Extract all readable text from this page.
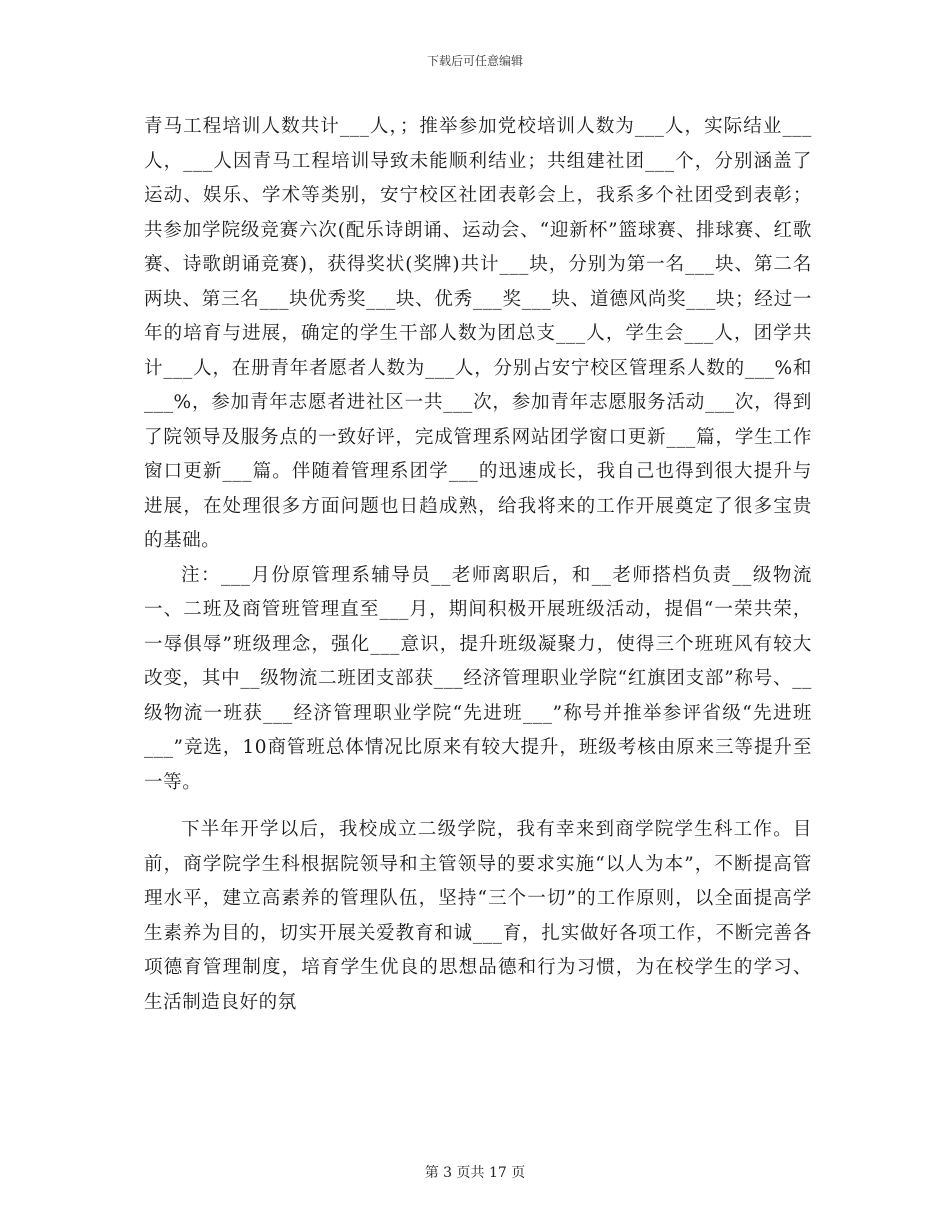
下载后可任意编辑

青马工程培训人数共计___人，；推举参加党校培训人数为___人，实际结业___人，___人因青马工程培训导致未能顺利结业；共组建社团___个，分别涵盖了运动、娱乐、学术等类别，安宁校区社团表彰会上，我系多个社团受到表彰；共参加学院级竞赛六次(配乐诗朗诵、运动会、“迎新杯”篮球赛、排球赛、红歌赛、诗歌朗诵竞赛)，获得奖状(奖牌)共计___块，分别为第一名___块、第二名两块、第三名___块优秀奖___块、优秀___奖___块、道德风尚奖___块；经过一年的培育与进展，确定的学生干部人数为团总支___人，学生会___人，团学共计___人，在册青年者愿者人数为___人，分别占安宁校区管理系人数的___%和___%，参加青年志愿者进社区一共___次，参加青年志愿服务活动___次，得到了院领导及服务点的一致好评，完成管理系网站团学窗口更新___篇，学生工作窗口更新___篇。伴随着管理系团学___的迅速成长，我自己也得到很大提升与进展，在处理很多方面问题也日趋成熟，给我将来的工作开展奠定了很多宝贵的基础。

注：___月份原管理系辅导员__老师离职后，和__老师搭档负责__级物流一、二班及商管班管理直至___月，期间积极开展班级活动，提倡“一荣共荣，一辱俱辱”班级理念，强化___意识，提升班级凝聚力，使得三个班班风有较大改变，其中__级物流二班团支部获___经济管理职业学院“红旗团支部”称号、__级物流一班获___经济管理职业学院“先进班___”称号并推举参评省级“先进班___”竞选，10商管班总体情况比原来有较大提升，班级考核由原来三等提升至一等。

下半年开学以后，我校成立二级学院，我有幸来到商学院学生科工作。目前，商学院学生科根据院领导和主管领导的要求实施“以人为本”，不断提高管理水平，建立高素养的管理队伍，坚持“三个一切”的工作原则，以全面提高学生素养为目的，切实开展关爱教育和诚___育，扎实做好各项工作，不断完善各项德育管理制度，培育学生优良的思想品德和行为习惯，为在校学生的学习、生活制造良好的氛

第 3 页共 17 页
